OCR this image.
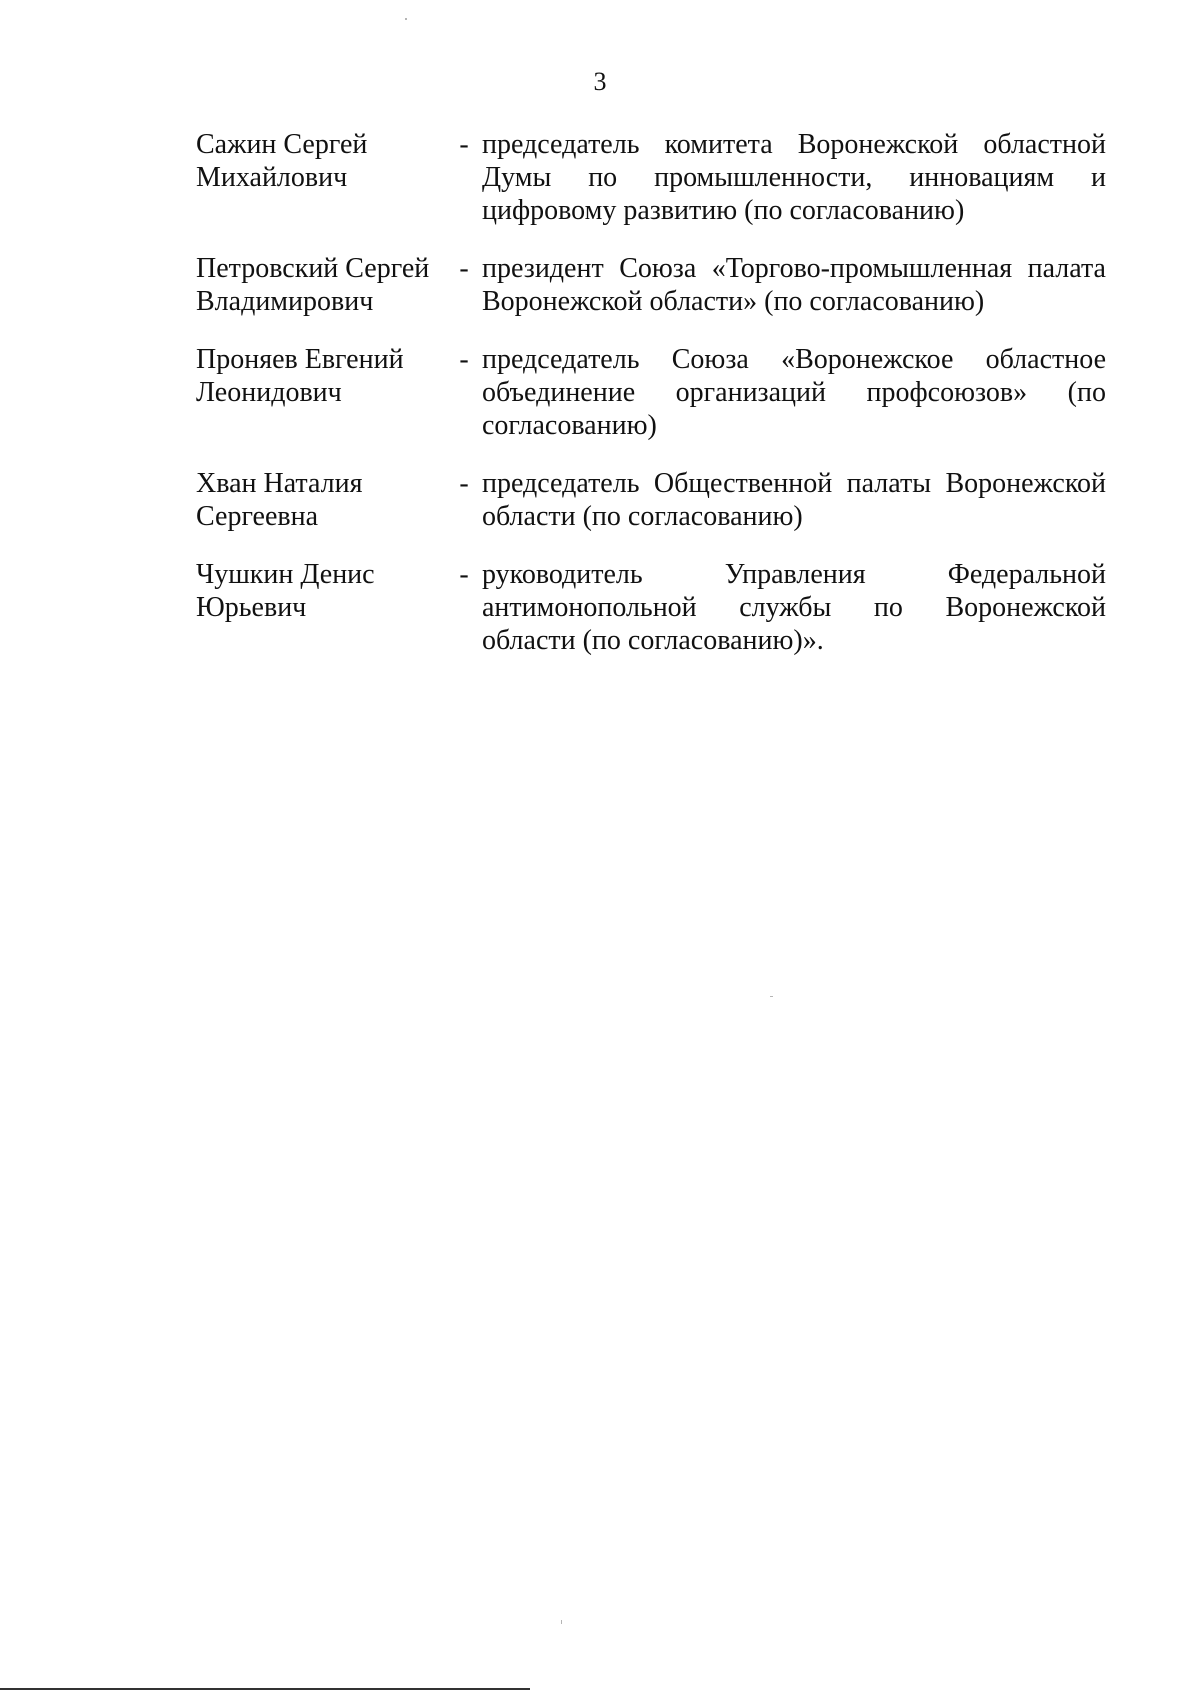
3
Сажин Сергей
Михайлович
- председатель комитета Воронежской областной
Думы по промышленности, инновациям и
цифровому развитию (по согласованию)
Петровский Сергей
Владимирович
- президент Союза «Торгово-промышленная палата
Воронежской области» (по согласованию)
Проняев Евгений
Леонидович
- председатель Союза «Воронежское областное
объединение организаций профсоюзов» (по
согласованию)
Хван Наталия
Сергеевна
- председатель Общественной палаты Воронежской
области (по согласованию)
Чушкин Денис
Юрьевич
- руководитель Управления Федеральной
антимонопольной службы по Воронежской
области (по согласованию)».
